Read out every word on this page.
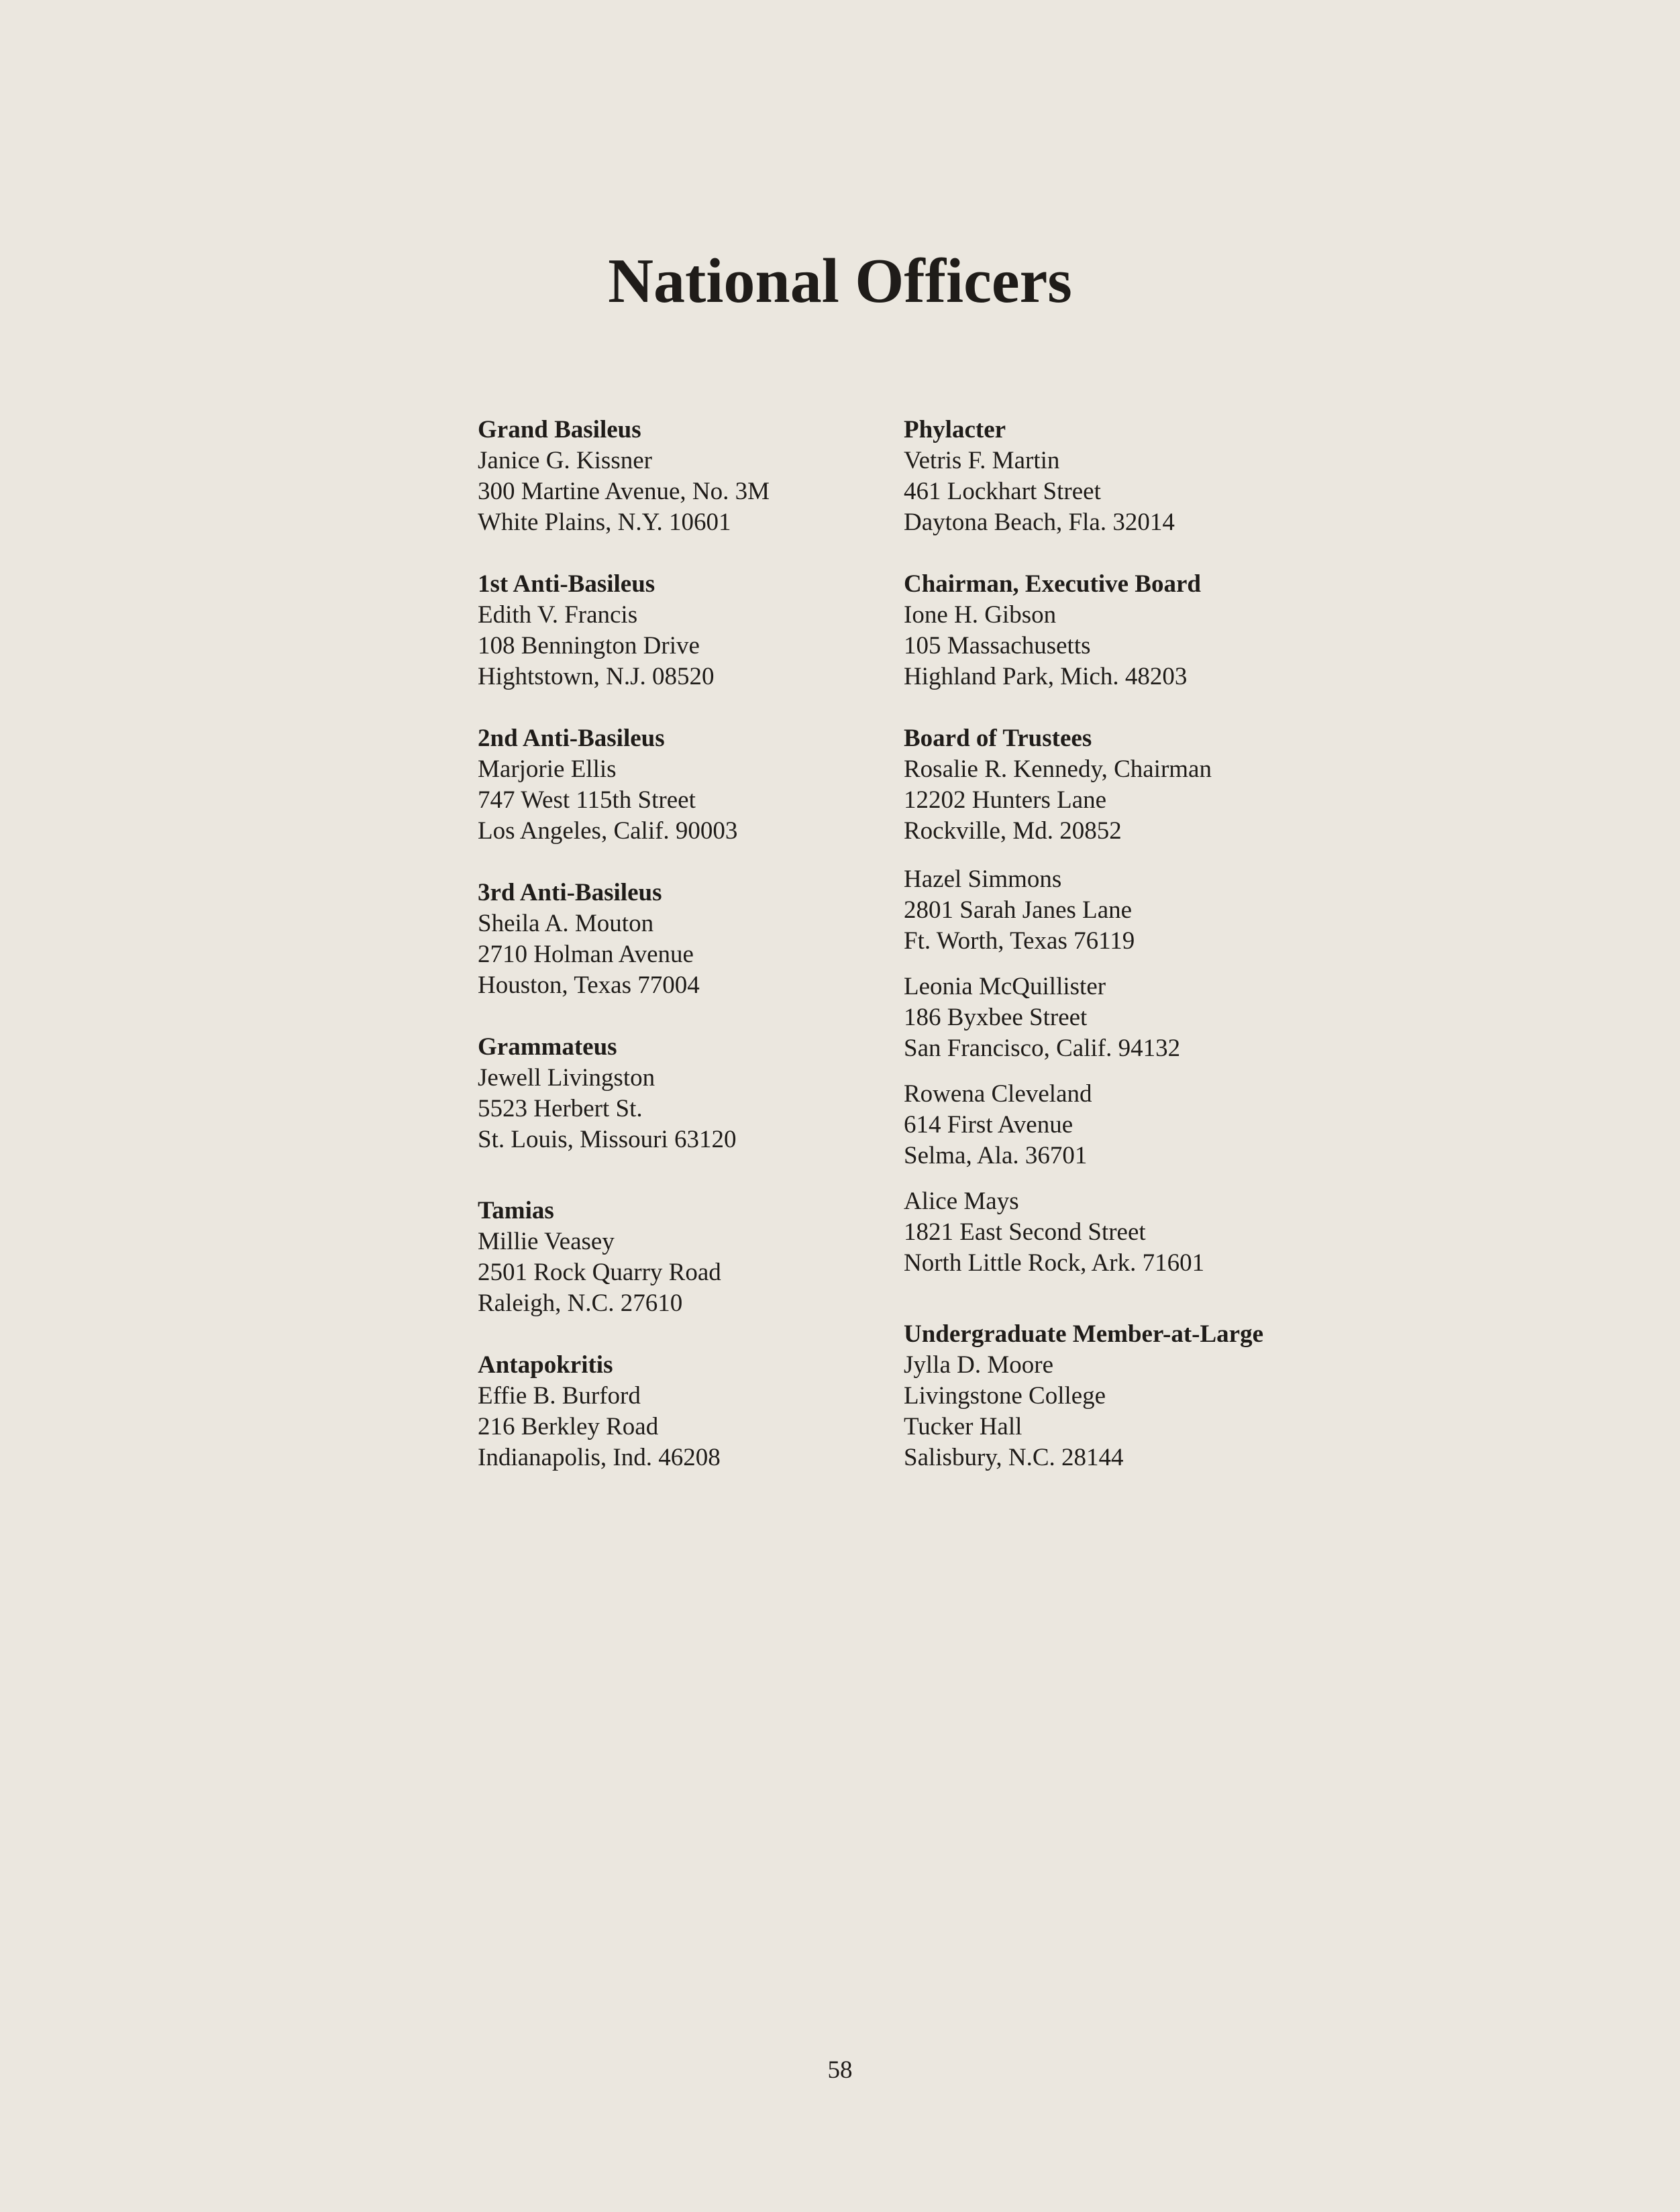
National Officers
Grand Basileus
Janice G. Kissner
300 Martine Avenue, No. 3M
White Plains, N.Y. 10601
1st Anti-Basileus
Edith V. Francis
108 Bennington Drive
Hightstown, N.J. 08520
2nd Anti-Basileus
Marjorie Ellis
747 West 115th Street
Los Angeles, Calif. 90003
3rd Anti-Basileus
Sheila A. Mouton
2710 Holman Avenue
Houston, Texas 77004
Grammateus
Jewell Livingston
5523 Herbert St.
St. Louis, Missouri 63120
Tamias
Millie Veasey
2501 Rock Quarry Road
Raleigh, N.C. 27610
Antapokritis
Effie B. Burford
216 Berkley Road
Indianapolis, Ind. 46208
Phylacter
Vetris F. Martin
461 Lockhart Street
Daytona Beach, Fla. 32014
Chairman, Executive Board
Ione H. Gibson
105 Massachusetts
Highland Park, Mich. 48203
Board of Trustees
Rosalie R. Kennedy, Chairman
12202 Hunters Lane
Rockville, Md. 20852
Hazel Simmons
2801 Sarah Janes Lane
Ft. Worth, Texas 76119
Leonia McQuillister
186 Byxbee Street
San Francisco, Calif. 94132
Rowena Cleveland
614 First Avenue
Selma, Ala. 36701
Alice Mays
1821 East Second Street
North Little Rock, Ark. 71601
Undergraduate Member-at-Large
Jylla D. Moore
Livingstone College
Tucker Hall
Salisbury, N.C. 28144
58
